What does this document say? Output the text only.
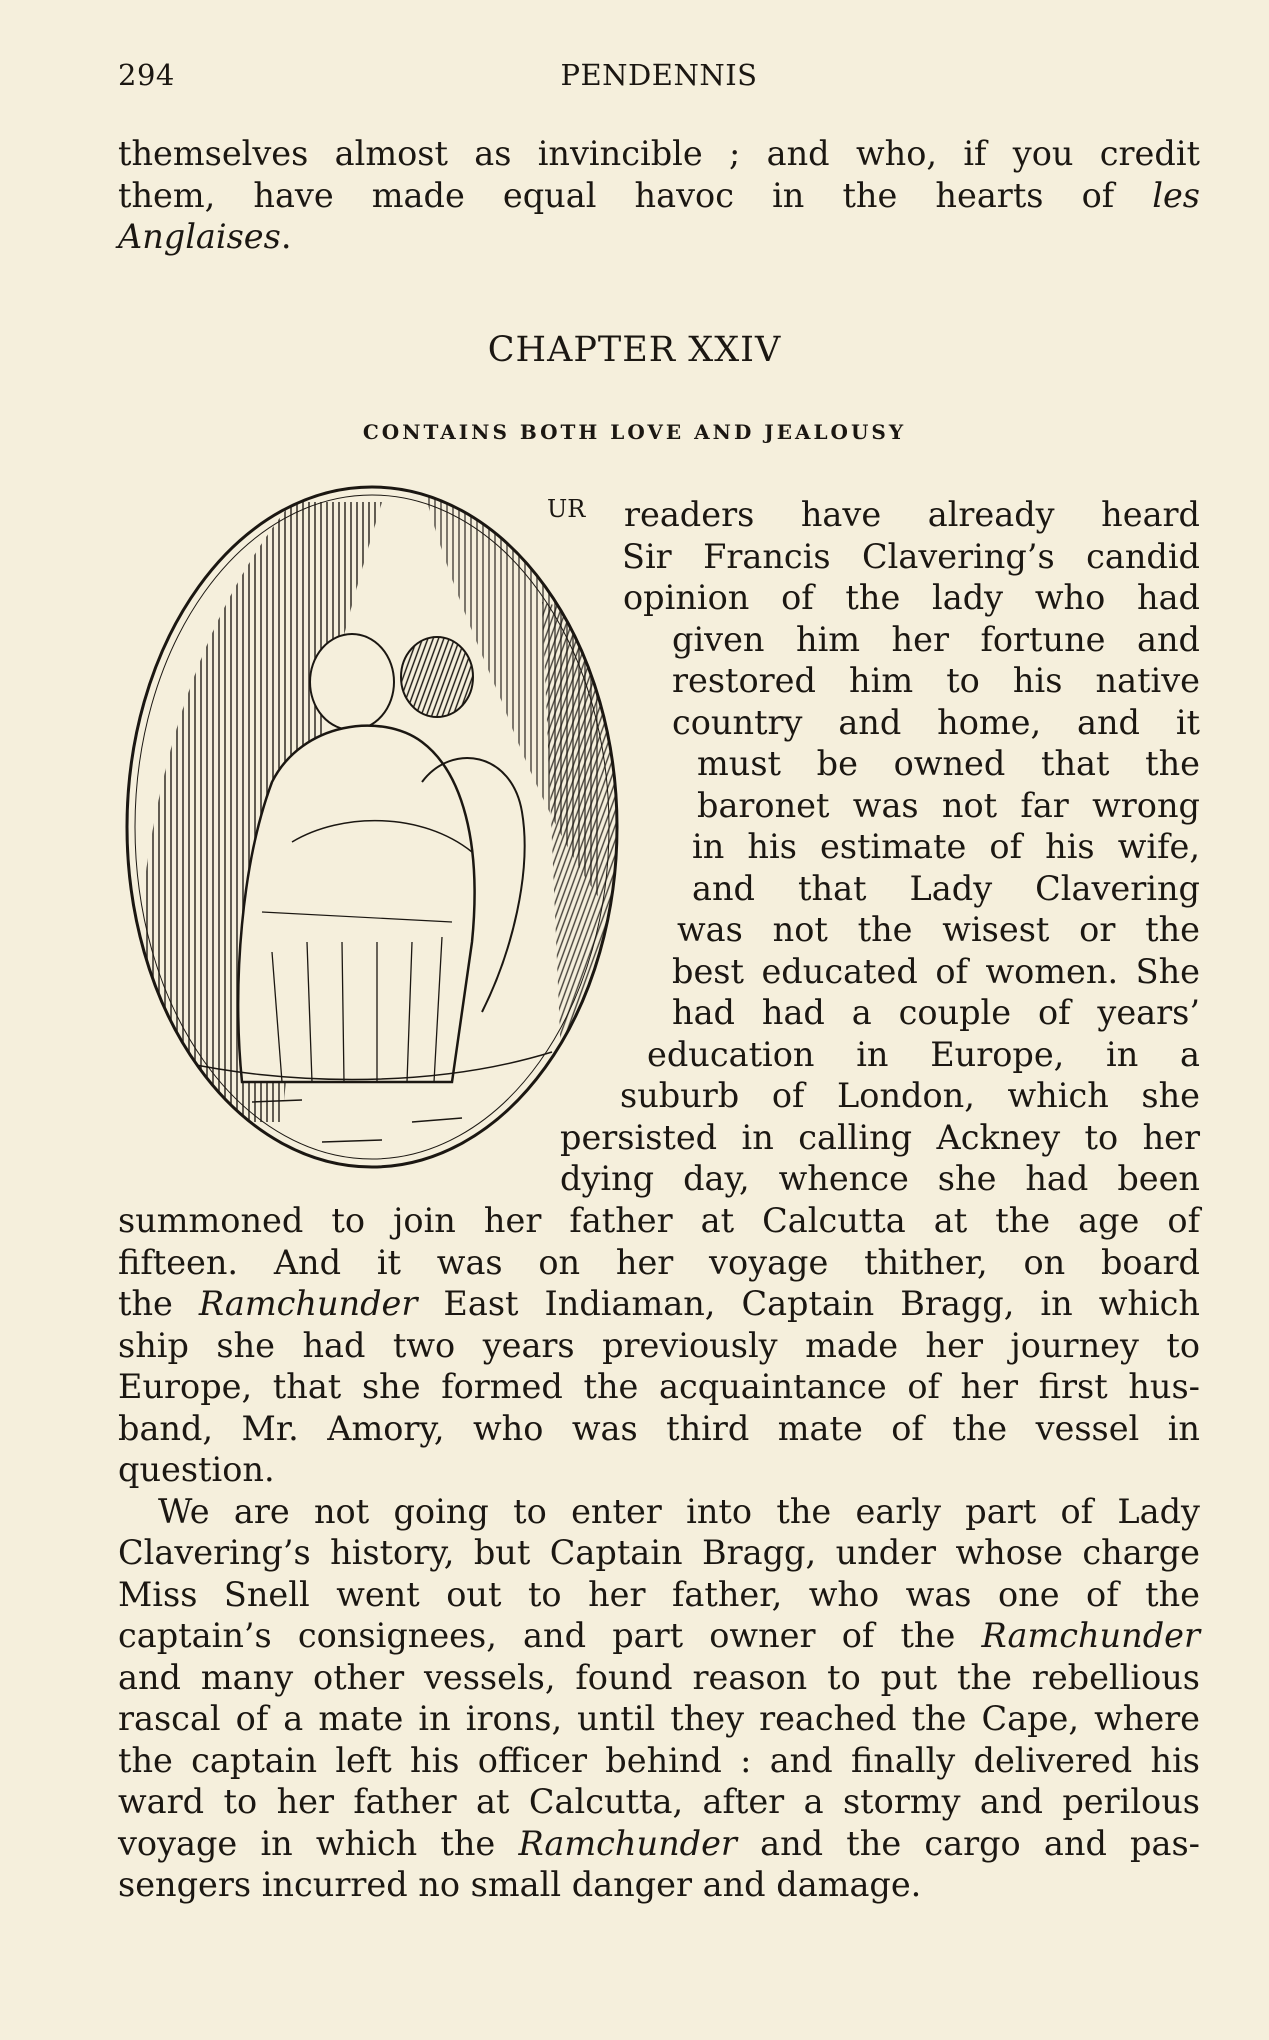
294	PENDENNIS
themselves almost as invincible ; and who, if you credit
them, have made equal havoc in the hearts of les
Anglaises.
CHAPTER XXIV
CONTAINS BOTH LOVE AND JEALOUSY
UR readers have already heard
Sir Francis Clavering’s candid
opinion of the lady who had
given him her fortune and
restored him to his native
country and home, and it
must be owned that the
baronet was not far wrong
in his estimate of his wife,
and that Lady Clavering
was not the wisest or the
best educated of women. She
had had a couple of years’
education in Europe, in a
suburb of London, which she
persisted in calling Ackney to her
dying day, whence she had been
summoned to join her father at Calcutta at the age of
fifteen. And it was on her voyage thither, on board
the Ramchunder East Indiaman, Captain Bragg, in which
ship she had two years previously made her journey to
Europe, that she formed the acquaintance of her first hus-
band, Mr. Amory, who was third mate of the vessel in
question.
We are not going to enter into the early part of Lady
Clavering’s history, but Captain Bragg, under whose charge
Miss Snell went out to her father, who was one of the
captain’s consignees, and part owner of the Ramchunder
and many other vessels, found reason to put the rebellious
rascal of a mate in irons, until they reached the Cape, where
the captain left his officer behind : and finally delivered his
ward to her father at Calcutta, after a stormy and perilous
voyage in which the Ramchunder and the cargo and pas-
sengers incurred no small danger and damage.
